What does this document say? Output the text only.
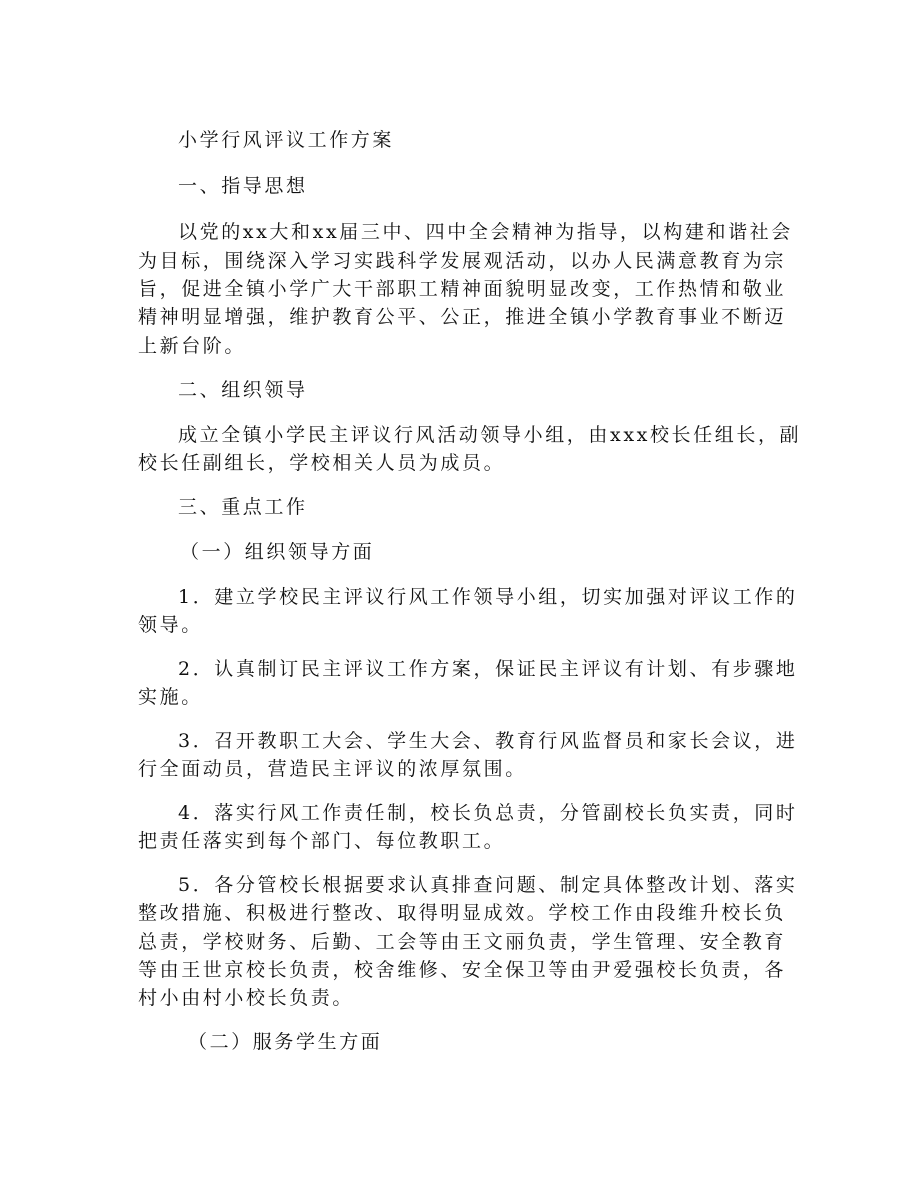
小学行风评议工作方案
一、指导思想
以党的xx大和xx届三中、四中全会精神为指导，以构建和谐社会
为目标，围绕深入学习实践科学发展观活动，以办人民满意教育为宗
旨，促进全镇小学广大干部职工精神面貌明显改变，工作热情和敬业
精神明显增强，维护教育公平、公正，推进全镇小学教育事业不断迈
上新台阶。
二、组织领导
成立全镇小学民主评议行风活动领导小组，由xxx校长任组长，副
校长任副组长，学校相关人员为成员。
三、重点工作
（一）组织领导方面
1．建立学校民主评议行风工作领导小组，切实加强对评议工作的
领导。
2．认真制订民主评议工作方案，保证民主评议有计划、有步骤地
实施。
3．召开教职工大会、学生大会、教育行风监督员和家长会议，进
行全面动员，营造民主评议的浓厚氛围。
4．落实行风工作责任制，校长负总责，分管副校长负实责，同时
把责任落实到每个部门、每位教职工。
5．各分管校长根据要求认真排查问题、制定具体整改计划、落实
整改措施、积极进行整改、取得明显成效。学校工作由段维升校长负
总责，学校财务、后勤、工会等由王文丽负责，学生管理、安全教育
等由王世京校长负责，校舍维修、安全保卫等由尹爱强校长负责，各
村小由村小校长负责。
（二）服务学生方面
